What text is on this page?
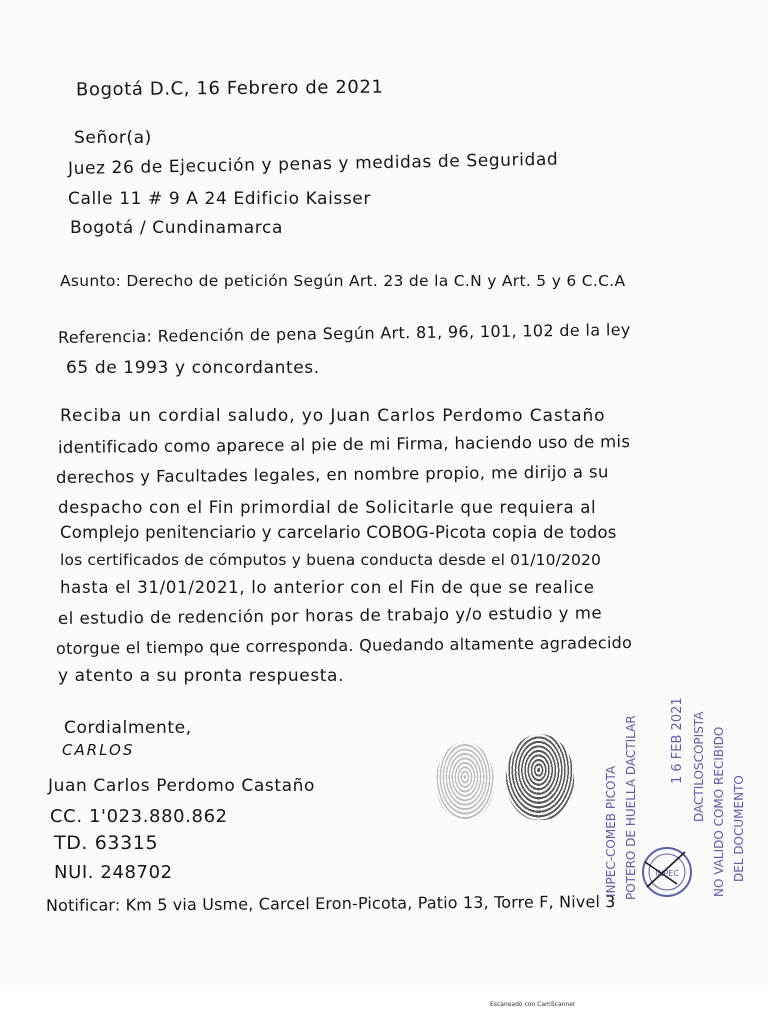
Bogotá D.C, 16 Febrero de 2021
Señor(a)
Juez 26 de Ejecución y penas y medidas de Seguridad
Calle 11 # 9 A 24 Edificio Kaisser
Bogotá / Cundinamarca
Asunto: Derecho de petición Según Art. 23 de la C.N y Art. 5 y 6 C.C.A
Referencia: Redención de pena Según Art. 81, 96, 101, 102 de la ley
65 de 1993 y concordantes.
Reciba un cordial saludo, yo Juan Carlos Perdomo Castaño
identificado como aparece al pie de mi Firma, haciendo uso de mis
derechos y Facultades legales, en nombre propio, me dirijo a su
despacho con el Fin primordial de Solicitarle que requiera al
Complejo penitenciario y carcelario COBOG-Picota copia de todos
los certificados de cómputos y buena conducta desde el 01/10/2020
hasta el 31/01/2021, lo anterior con el Fin de que se realice
el estudio de redención por horas de trabajo y/o estudio y me
otorgue el tiempo que corresponda. Quedando altamente agradecido
y atento a su pronta respuesta.
Cordialmente,
CARLOS
Juan Carlos Perdomo Castaño
CC. 1'023.880.862
TD. 63315
NUI. 248702
Notificar: Km 5 via Usme, Carcel Eron-Picota, Patio 13, Torre F, Nivel 3
INPEC-COMEB PICOTA POTERO DE HUELLA DACTILAR 1 6 FEB 2021 DACTILOSCOPISTA NO VALIDO COMO RECIBIDO DEL DOCUMENTO
INPEC
Escaneado con CamScanner
